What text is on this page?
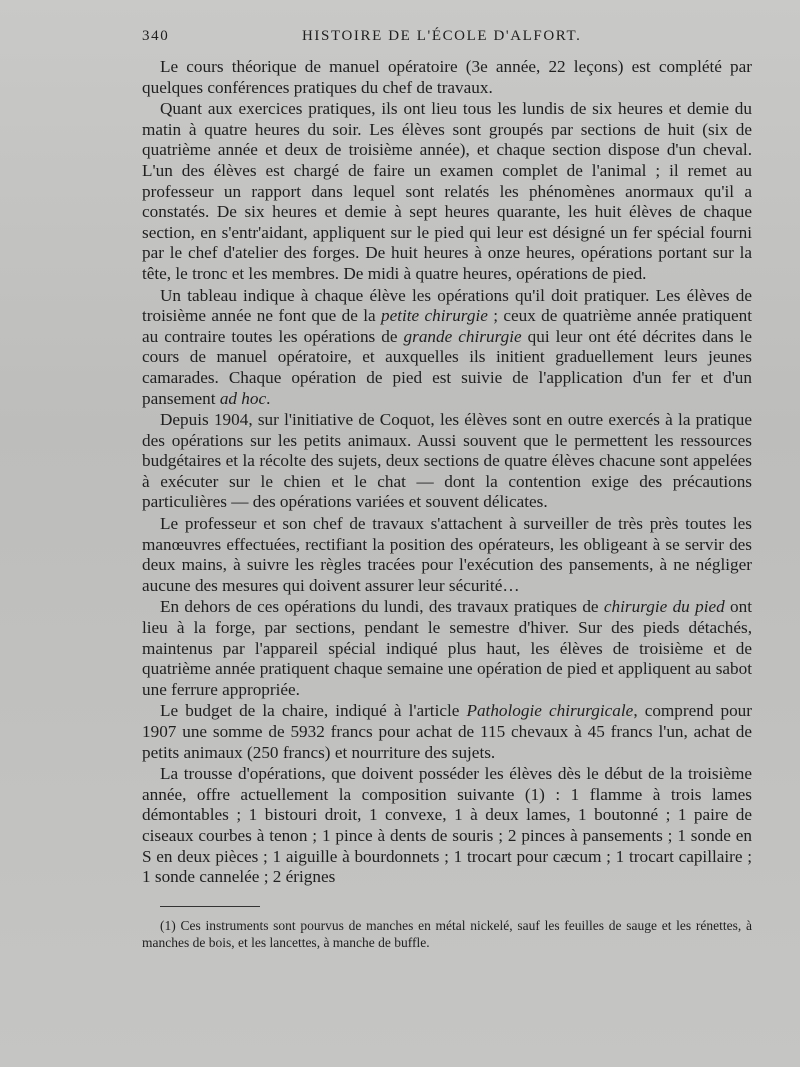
340	HISTOIRE DE L'ÉCOLE D'ALFORT.

Le cours théorique de manuel opératoire (3e année, 22 leçons) est complété par quelques conférences pratiques du chef de travaux.

Quant aux exercices pratiques, ils ont lieu tous les lundis de six heures et demie du matin à quatre heures du soir. Les élèves sont groupés par sections de huit (six de quatrième année et deux de troisième année), et chaque section dispose d'un cheval. L'un des élèves est chargé de faire un examen complet de l'animal ; il remet au professeur un rapport dans lequel sont relatés les phénomènes anormaux qu'il a constatés. De six heures et demie à sept heures quarante, les huit élèves de chaque section, en s'entr'aidant, appliquent sur le pied qui leur est désigné un fer spécial fourni par le chef d'atelier des forges. De huit heures à onze heures, opérations portant sur la tête, le tronc et les membres. De midi à quatre heures, opérations de pied.

Un tableau indique à chaque élève les opérations qu'il doit pratiquer. Les élèves de troisième année ne font que de la petite chirurgie ; ceux de quatrième année pratiquent au contraire toutes les opérations de grande chirurgie qui leur ont été décrites dans le cours de manuel opératoire, et auxquelles ils initient graduellement leurs jeunes camarades. Chaque opération de pied est suivie de l'application d'un fer et d'un pansement ad hoc.

Depuis 1904, sur l'initiative de Coquot, les élèves sont en outre exercés à la pratique des opérations sur les petits animaux. Aussi souvent que le permettent les ressources budgétaires et la récolte des sujets, deux sections de quatre élèves chacune sont appelées à exécuter sur le chien et le chat — dont la contention exige des précautions particulières — des opérations variées et souvent délicates.

Le professeur et son chef de travaux s'attachent à surveiller de très près toutes les manœuvres effectuées, rectifiant la position des opérateurs, les obligeant à se servir des deux mains, à suivre les règles tracées pour l'exécution des pansements, à ne négliger aucune des mesures qui doivent assurer leur sécurité…

En dehors de ces opérations du lundi, des travaux pratiques de chirurgie du pied ont lieu à la forge, par sections, pendant le semestre d'hiver. Sur des pieds détachés, maintenus par l'appareil spécial indiqué plus haut, les élèves de troisième et de quatrième année pratiquent chaque semaine une opération de pied et appliquent au sabot une ferrure appropriée.

Le budget de la chaire, indiqué à l'article Pathologie chirurgicale, comprend pour 1907 une somme de 5932 francs pour achat de 115 chevaux à 45 francs l'un, achat de petits animaux (250 francs) et nourriture des sujets.

La trousse d'opérations, que doivent posséder les élèves dès le début de la troisième année, offre actuellement la composition suivante (1) : 1 flamme à trois lames démontables ; 1 bistouri droit, 1 convexe, 1 à deux lames, 1 boutonné ; 1 paire de ciseaux courbes à tenon ; 1 pince à dents de souris ; 2 pinces à pansements ; 1 sonde en S en deux pièces ; 1 aiguille à bourdonnets ; 1 trocart pour cæcum ; 1 trocart capillaire ; 1 sonde cannelée ; 2 érignes

(1) Ces instruments sont pourvus de manches en métal nickelé, sauf les feuilles de sauge et les rénettes, à manches de bois, et les lancettes, à manche de buffle.
